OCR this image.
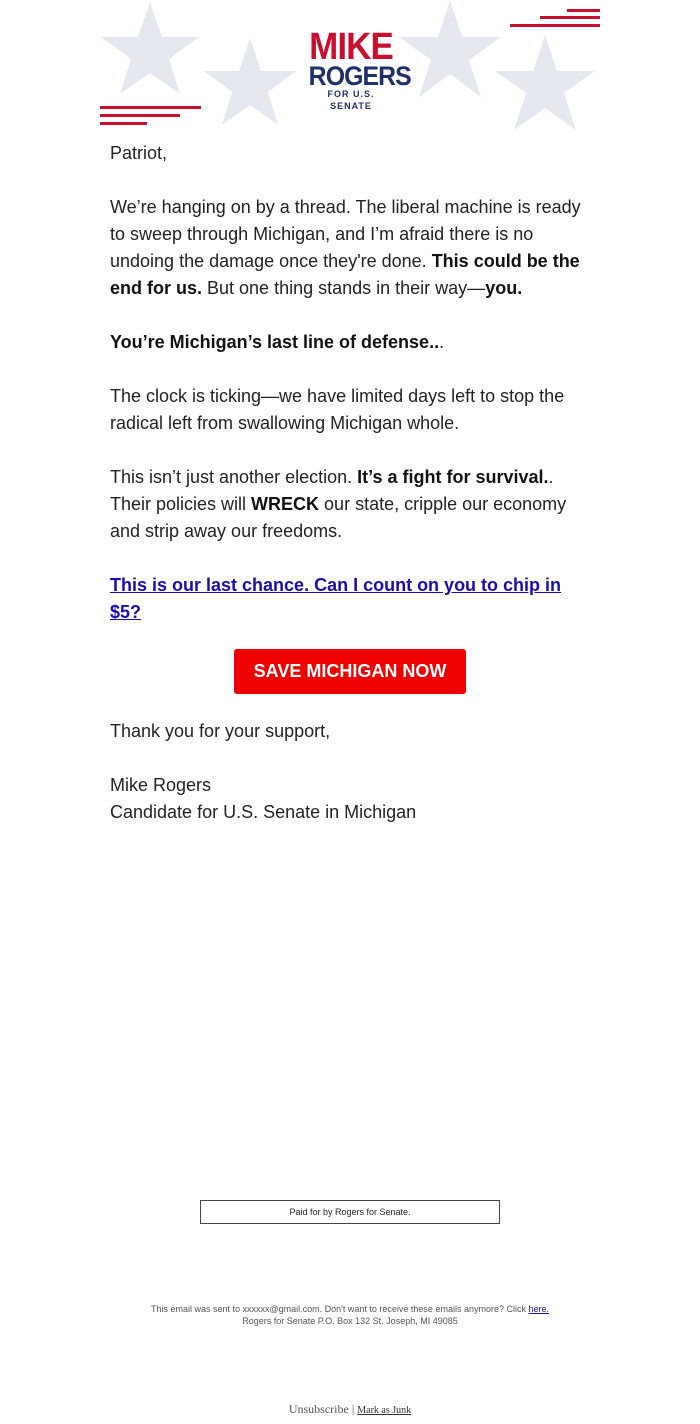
MIKE
ROGERS
FOR U.S. SENATE

Patriot,

We’re hanging on by a thread. The liberal machine is ready to sweep through Michigan, and I’m afraid there is no undoing the damage once they're done. This could be the end for us. But one thing stands in their way—you.

You’re Michigan’s last line of defense...

The clock is ticking—we have limited days left to stop the radical left from swallowing Michigan whole.

This isn’t just another election. It’s a fight for survival.. Their policies will WRECK our state, cripple our economy and strip away our freedoms.

This is our last chance. Can I count on you to chip in $5?

SAVE MICHIGAN NOW

Thank you for your support,

Mike Rogers
Candidate for U.S. Senate in Michigan

Paid for by Rogers for Senate.
This email was sent to xxxxxx@gmail.com. Don't want to receive these emails anymore? Click here.
Rogers for Senate P.O. Box 132 St. Joseph, MI 49085
Unsubscribe | Mark as Junk
